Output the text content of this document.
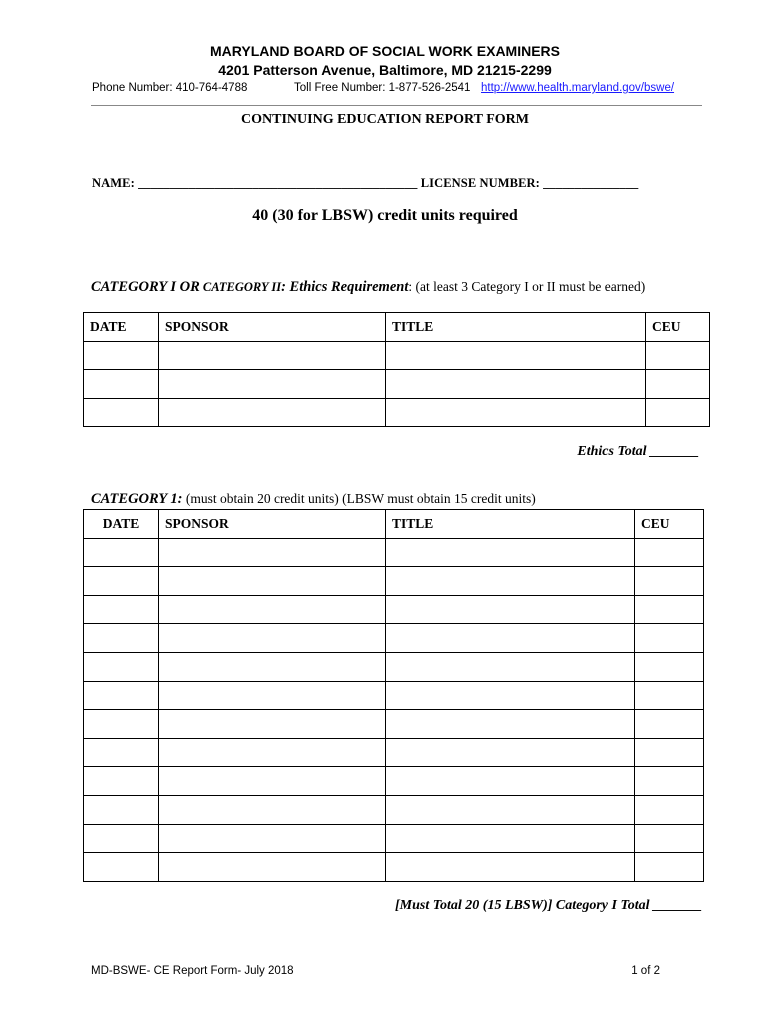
MARYLAND BOARD OF SOCIAL WORK EXAMINERS
4201 Patterson Avenue, Baltimore, MD 21215-2299
Phone Number: 410-764-4788	Toll Free Number: 1-877-526-2541 http://www.health.maryland.gov/bswe/
CONTINUING EDUCATION REPORT FORM
NAME: ____________________________________________ LICENSE NUMBER: _______________
40 (30 for LBSW) credit units required
CATEGORY I OR CATEGORY II: Ethics Requirement: (at least 3 Category I or II must be earned)
DATE	SPONSOR	TITLE	CEU

Ethics Total _______
CATEGORY 1: (must obtain 20 credit units) (LBSW must obtain 15 credit units)
DATE	SPONSOR	TITLE	CEU

[Must Total 20 (15 LBSW)] Category I Total _______
MD-BSWE- CE Report Form- July 2018	1 of 2
